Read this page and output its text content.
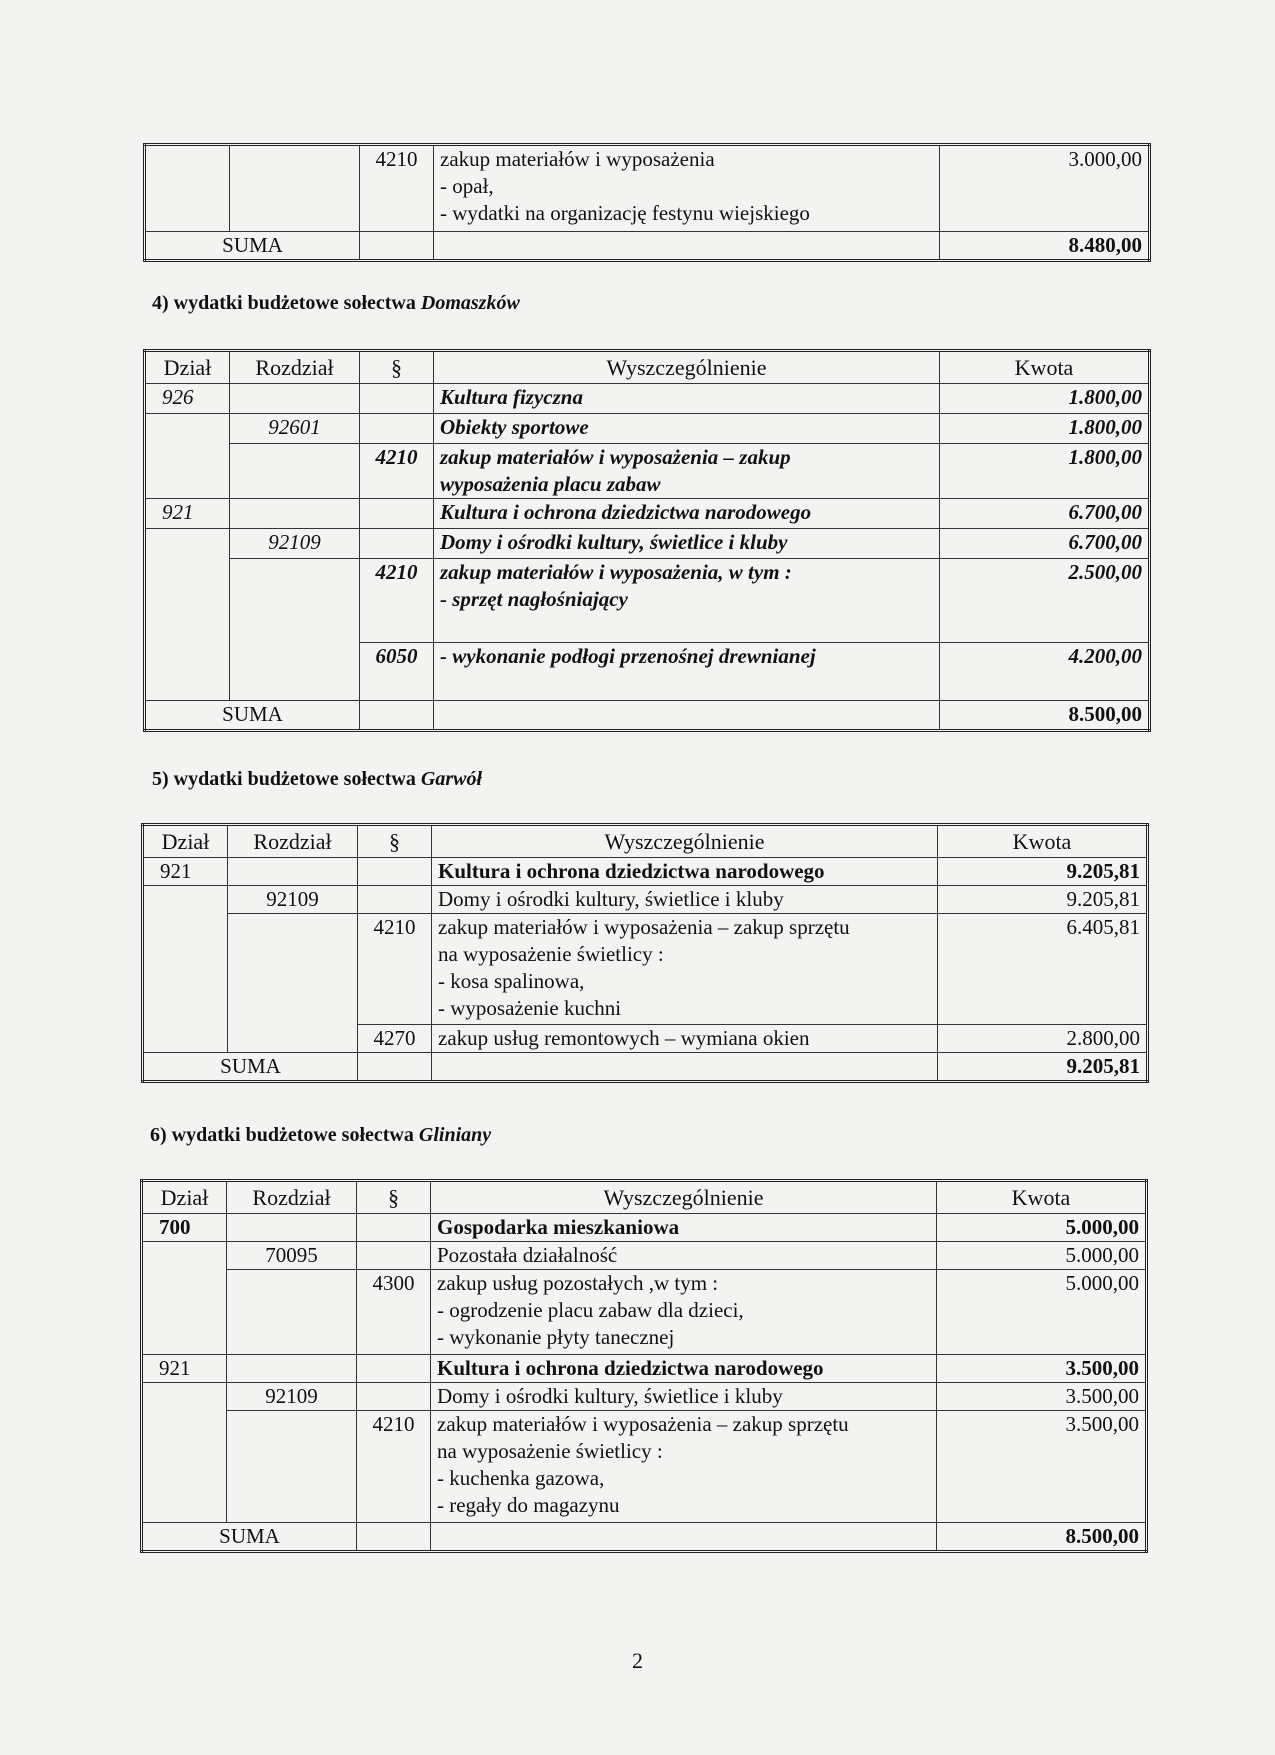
		4210	zakup materiałów i wyposażenia
- opał,
- wydatki na organizację festynu wiejskiego	3.000,00
SUMA				8.480,00
4) wydatki budżetowe sołectwa Domaszków
Dział	Rozdział	§	Wyszczególnienie	Kwota
926			Kultura fizyczna	1.800,00
	92601		Obiekty sportowe	1.800,00
		4210	zakup materiałów i wyposażenia – zakup
wyposażenia placu zabaw	1.800,00
921			Kultura i ochrona dziedzictwa narodowego	6.700,00
	92109		Domy i ośrodki kultury, świetlice i kluby	6.700,00
		4210	zakup materiałów i wyposażenia, w tym :
- sprzęt nagłośniający	2.500,00
		6050	- wykonanie podłogi przenośnej drewnianej	4.200,00
SUMA				8.500,00
5) wydatki budżetowe sołectwa Garwół
Dział	Rozdział	§	Wyszczególnienie	Kwota
921			Kultura i ochrona dziedzictwa narodowego	9.205,81
	92109		Domy i ośrodki kultury, świetlice i kluby	9.205,81
		4210	zakup materiałów i wyposażenia – zakup sprzętu
na wyposażenie świetlicy :
- kosa spalinowa,
- wyposażenie kuchni	6.405,81
		4270	zakup usług remontowych – wymiana okien	2.800,00
SUMA				9.205,81
6) wydatki budżetowe sołectwa Gliniany
Dział	Rozdział	§	Wyszczególnienie	Kwota
700			Gospodarka mieszkaniowa	5.000,00
	70095		Pozostała działalność	5.000,00
		4300	zakup usług pozostałych ,w tym :
- ogrodzenie placu zabaw dla dzieci,
- wykonanie płyty tanecznej	5.000,00
921			Kultura i ochrona dziedzictwa narodowego	3.500,00
	92109		Domy i ośrodki kultury, świetlice i kluby	3.500,00
		4210	zakup materiałów i wyposażenia – zakup sprzętu
na wyposażenie świetlicy :
- kuchenka gazowa,
- regały do magazynu	3.500,00
SUMA				8.500,00
2
